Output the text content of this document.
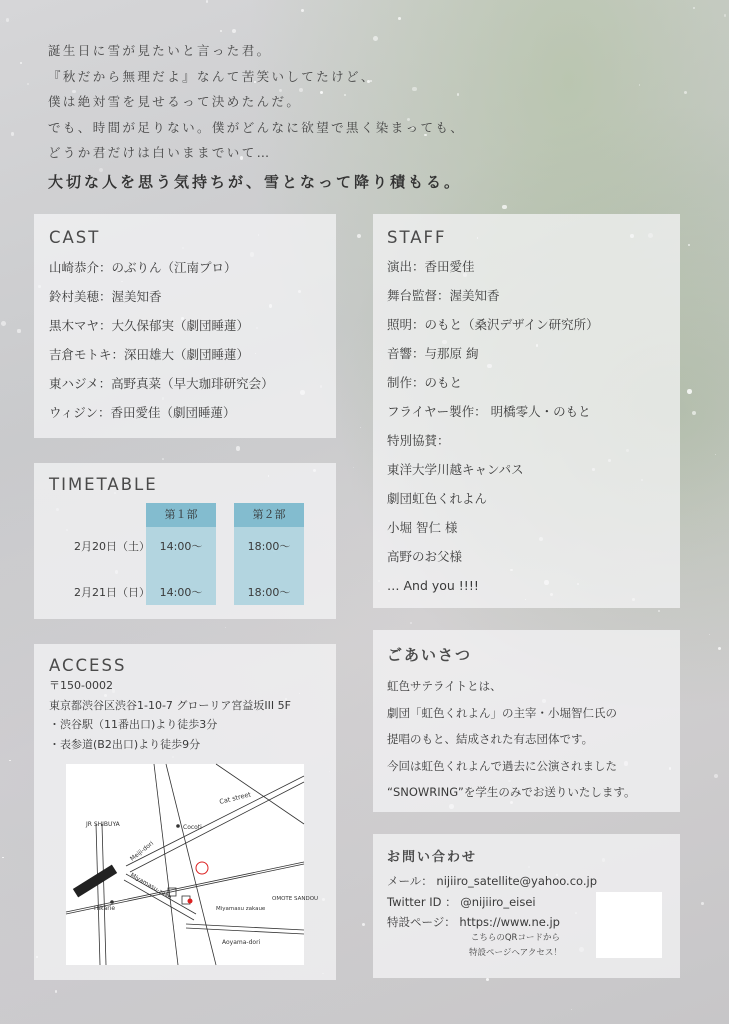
誕生日に雪が見たいと言った君。
『秋だから無理だよ』なんて苦笑いしてたけど、
僕は絶対雪を見せるって決めたんだ。
でも、時間が足りない。僕がどんなに欲望で黒く染まっても、
どうか君だけは白いままでいて…
大切な人を思う気持ちが、雪となって降り積もる。
CAST
山崎恭介：のぶりん（江南プロ）
鈴村美穂：渥美知香
黒木マヤ：大久保郁実（劇団睡蓮）
吉倉モトキ：深田雄大（劇団睡蓮）
東ハジメ：高野真菜（早大珈琲研究会）
ウィジン：香田愛佳（劇団睡蓮）
STAFF
演出：香田愛佳
舞台監督：渥美知香
照明：のもと（桑沢デザイン研究所）
音響：与那原 絢
制作：のもと
フライヤー製作： 明橋零人・のもと
特別協賛：
東洋大学川越キャンパス
劇団虹色くれよん
小堀 智仁 様
高野のお父様
… And you !!!!
TIMETABLE
第１部	第２部
2月20日（土） 14:00〜	18:00〜
2月21日（日） 14:00〜	18:00〜
ACCESS
〒150-0002
東京都渋谷区渋谷1-10-7 グローリア宮益坂III 5F
・渋谷駅（11番出口)より徒歩3分
・表参道(B2出口)より徒歩9分
Cat street
JR SHIBUYA	Cocoti
Meiji-dori
Hikarie
Miyamasu-zaka
Miyamasu zakaue
OMOTE SANDOU
Aoyama-dori
ごあいさつ
虹色サテライトとは、
劇団「虹色くれよん」の主宰・小堀智仁氏の
提唱のもと、結成された有志団体です。
今回は虹色くれよんで過去に公演されました
“SNOWRING”を学生のみでお送りいたします。
お問い合わせ
メール： nijiiro_satellite@yahoo.co.jp
Twitter ID ： @nijiiro_eisei
特設ページ： https://www.ne.jp
こちらのQRコードから
特設ページへアクセス！
